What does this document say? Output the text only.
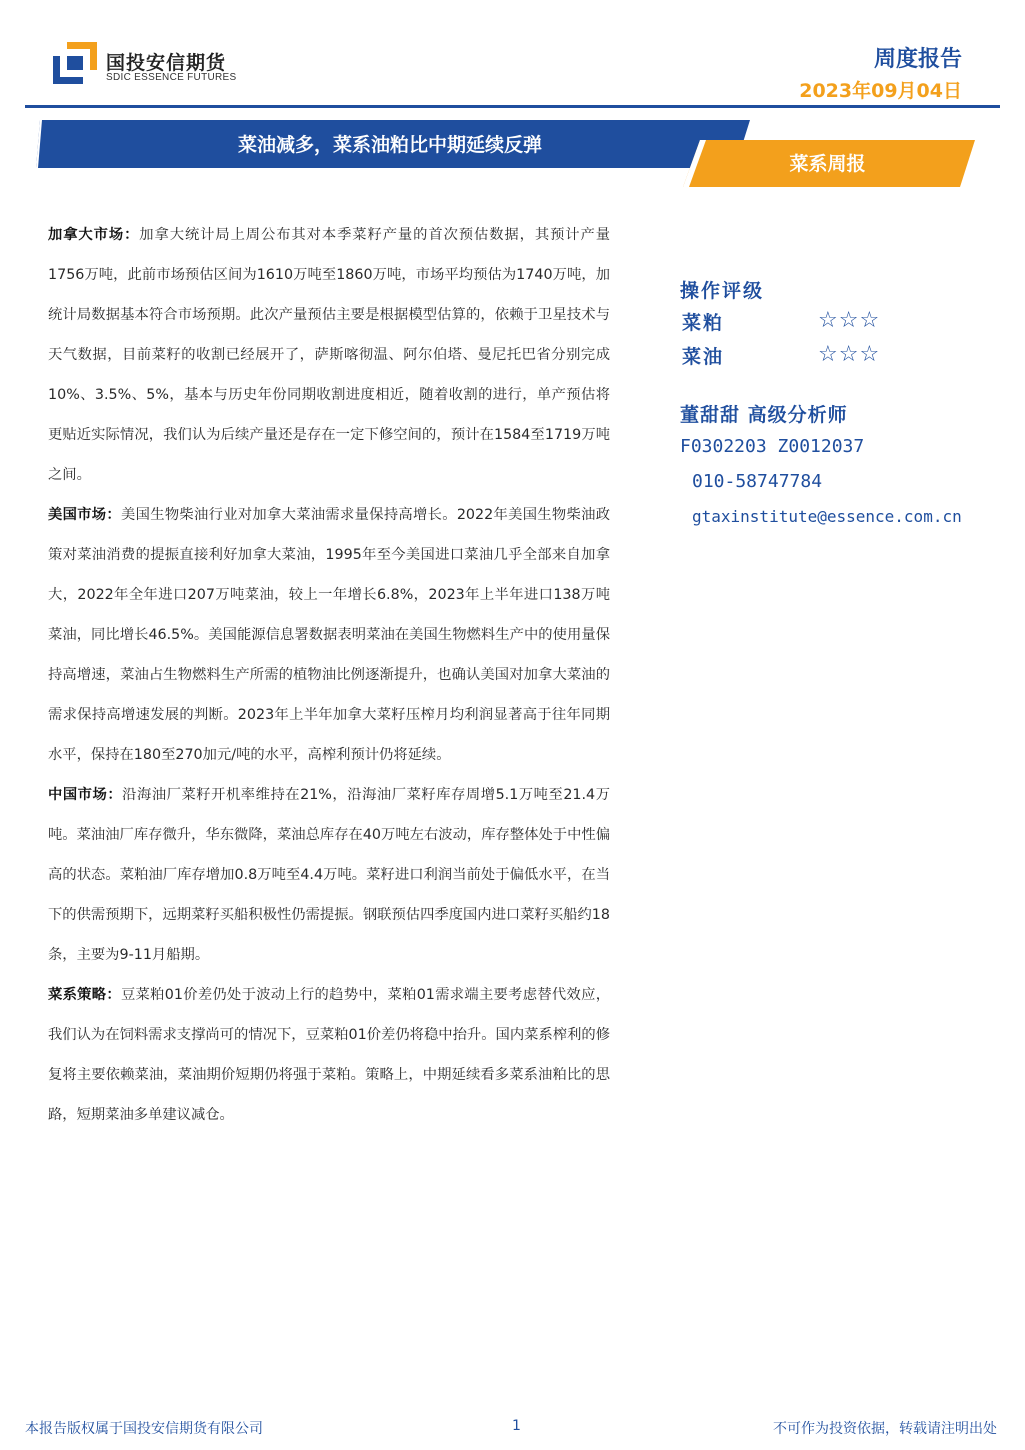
国投安信期货
SDIC ESSENCE FUTURES
周度报告
2023年09月04日
菜油减多，菜系油粕比中期延续反弹
菜系周报

加拿大市场：加拿大统计局上周公布其对本季菜籽产量的首次预估数据，其预计产量1756万吨，此前市场预估区间为1610万吨至1860万吨，市场平均预估为1740万吨，加统计局数据基本符合市场预期。此次产量预估主要是根据模型估算的，依赖于卫星技术与天气数据，目前菜籽的收割已经展开了，萨斯喀彻温、阿尔伯塔、曼尼托巴省分别完成10%、3.5%、5%，基本与历史年份同期收割进度相近，随着收割的进行，单产预估将更贴近实际情况，我们认为后续产量还是存在一定下修空间的，预计在1584至1719万吨之间。

美国市场：美国生物柴油行业对加拿大菜油需求量保持高增长。2022年美国生物柴油政策对菜油消费的提振直接利好加拿大菜油，1995年至今美国进口菜油几乎全部来自加拿大，2022年全年进口207万吨菜油，较上一年增长6.8%，2023年上半年进口138万吨菜油，同比增长46.5%。美国能源信息署数据表明菜油在美国生物燃料生产中的使用量保持高增速，菜油占生物燃料生产所需的植物油比例逐渐提升，也确认美国对加拿大菜油的需求保持高增速发展的判断。2023年上半年加拿大菜籽压榨月均利润显著高于往年同期水平，保持在180至270加元/吨的水平，高榨利预计仍将延续。

中国市场：沿海油厂菜籽开机率维持在21%，沿海油厂菜籽库存周增5.1万吨至21.4万吨。菜油油厂库存微升，华东微降，菜油总库存在40万吨左右波动，库存整体处于中性偏高的状态。菜粕油厂库存增加0.8万吨至4.4万吨。菜籽进口利润当前处于偏低水平，在当下的供需预期下，远期菜籽买船积极性仍需提振。钢联预估四季度国内进口菜籽买船约18条，主要为9-11月船期。

菜系策略：豆菜粕01价差仍处于波动上行的趋势中，菜粕01需求端主要考虑替代效应，我们认为在饲料需求支撑尚可的情况下，豆菜粕01价差仍将稳中抬升。国内菜系榨利的修复将主要依赖菜油，菜油期价短期仍将强于菜粕。策略上，中期延续看多菜系油粕比的思路，短期菜油多单建议减仓。

操作评级
菜粕	☆☆☆
菜油	☆☆☆
董甜甜 高级分析师
F0302203 Z0012037
010-58747784
gtaxinstitute@essence.com.cn
本报告版权属于国投安信期货有限公司	1	不可作为投资依据，转载请注明出处
